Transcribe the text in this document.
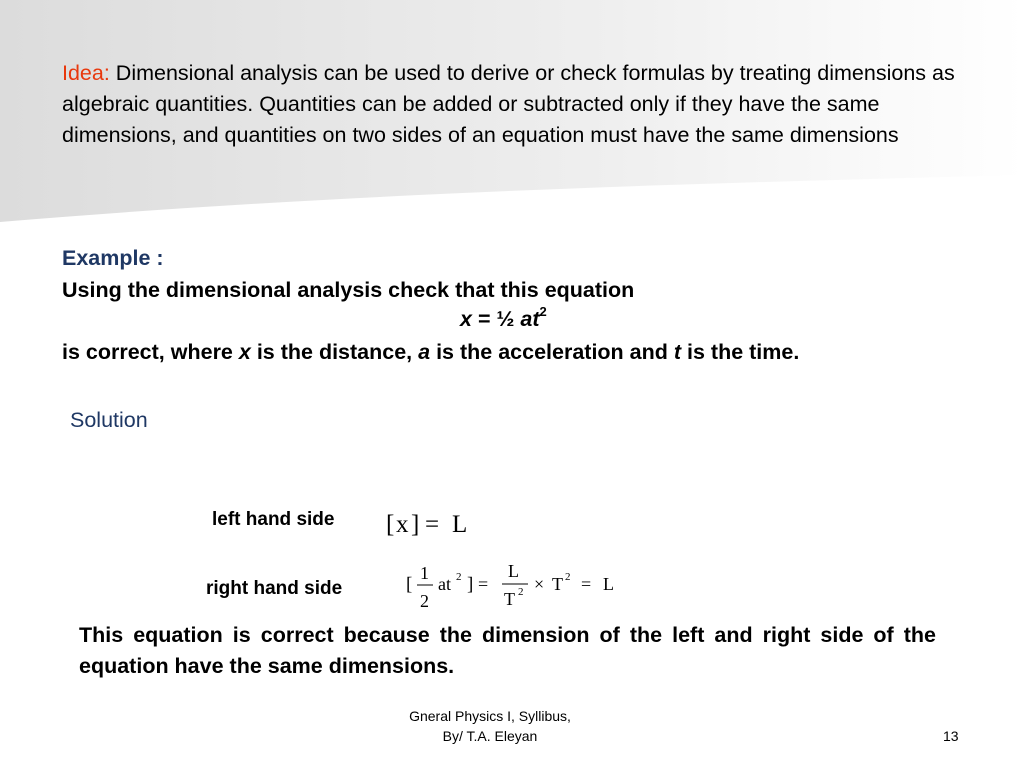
Idea: Dimensional analysis can be used to derive or check formulas by treating dimensions as algebraic quantities. Quantities can be added or subtracted only if they have the same dimensions, and quantities on two sides of an equation must have the same dimensions
Example :
Using the dimensional analysis check that this equation
x = ½ $at^2$
is correct, where x is the distance, a is the acceleration and t is the time.
Solution
left hand side
right hand side
[ x ] = L
[
1
2
at 2 ] =
L
T 2 × T 2 = L
This equation is correct because the dimension of the left and right side of the equation have the same dimensions.
Gneral Physics I, Syllibus,
By/ T.A. Eleyan	13
